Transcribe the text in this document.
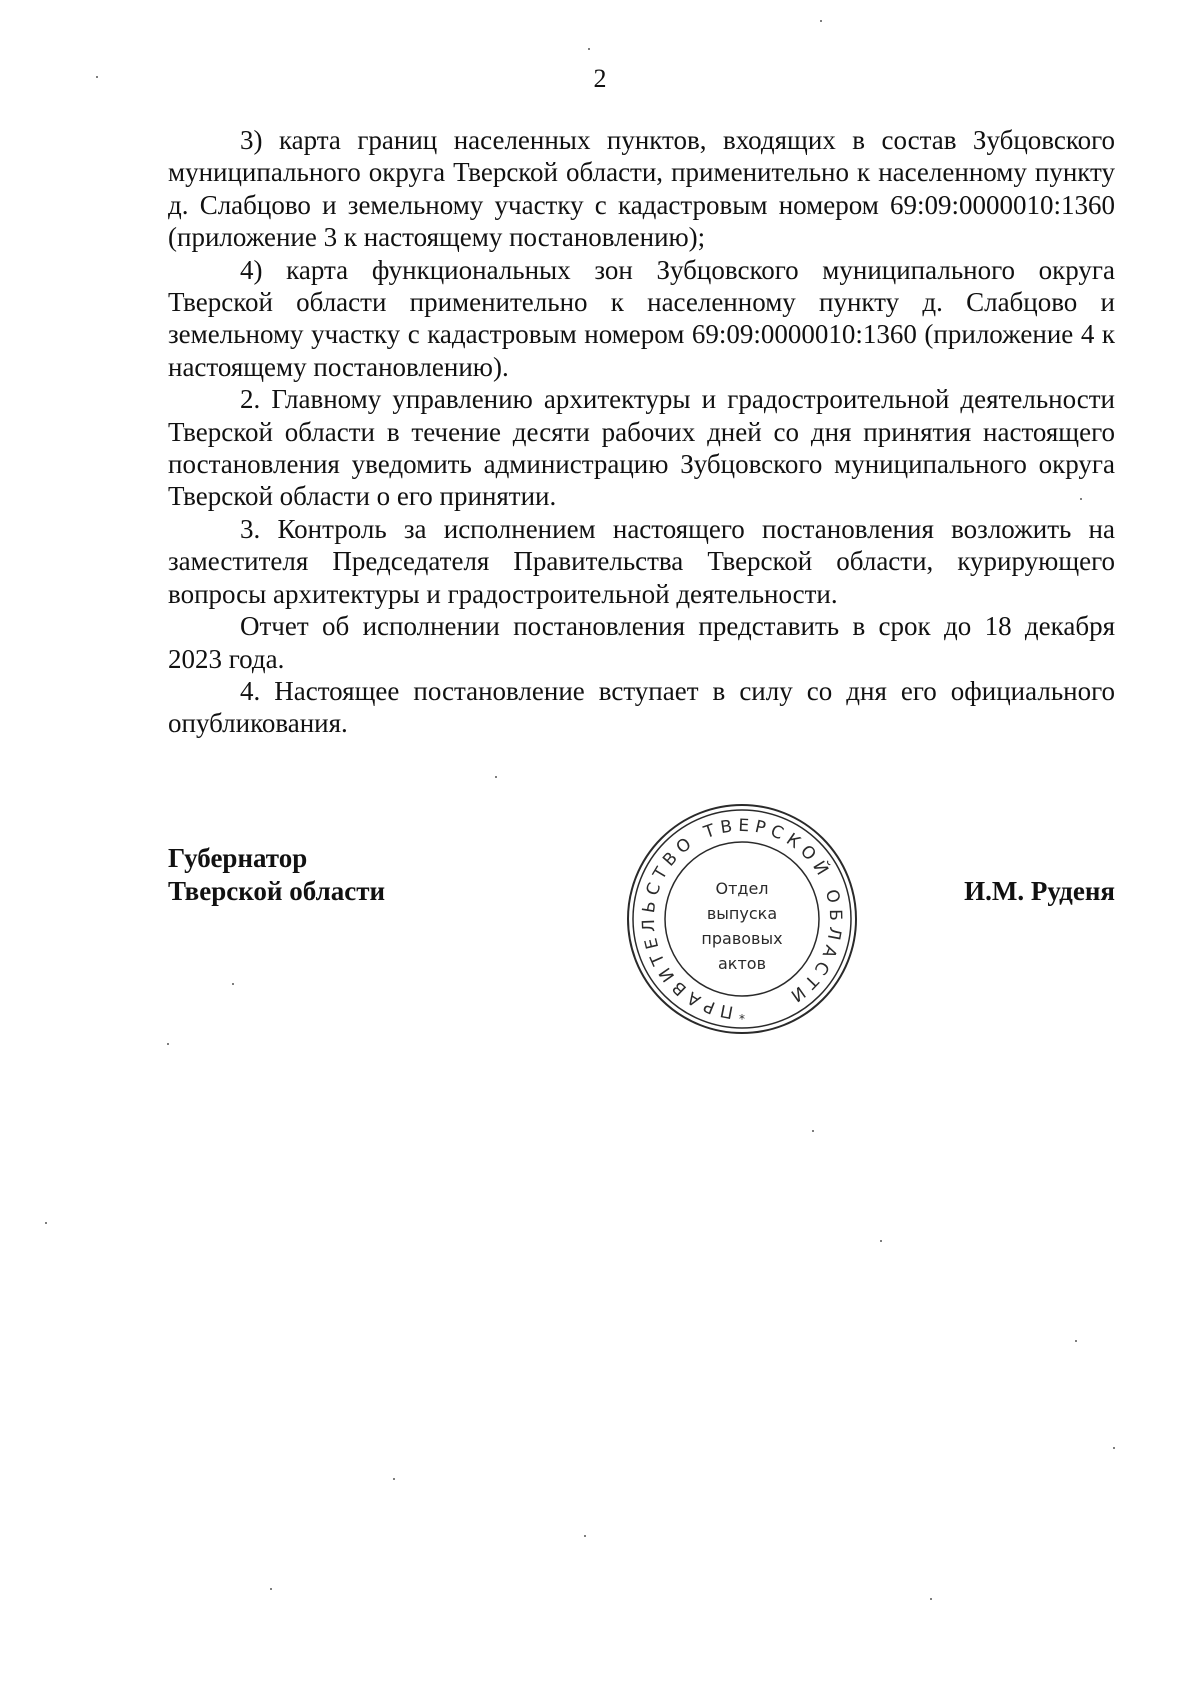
2

3) карта границ населенных пунктов, входящих в состав Зубцовского муниципального округа Тверской области, применительно к населенному пункту д. Слабцово и земельному участку с кадастровым номером 69:09:0000010:1360 (приложение 3 к настоящему постановлению);

4) карта функциональных зон Зубцовского муниципального округа Тверской области применительно к населенному пункту д. Слабцово и земельному участку с кадастровым номером 69:09:0000010:1360 (приложение 4 к настоящему постановлению).

2. Главному управлению архитектуры и градостроительной деятельности Тверской области в течение десяти рабочих дней со дня принятия настоящего постановления уведомить администрацию Зубцовского муниципального округа Тверской области о его принятии.

3. Контроль за исполнением настоящего постановления возложить на заместителя Председателя Правительства Тверской области, курирующего вопросы архитектуры и градостроительной деятельности.

Отчет об исполнении постановления представить в срок до 18 декабря 2023 года.

4. Настоящее постановление вступает в силу со дня его официального опубликования.

Губернатор
Тверской области	И.М. Руденя
ПРАВИТЕЛЬСТВО ТВЕРСКОЙ ОБЛАСТИ
Отдел
выпуска
правовых
актов
*
